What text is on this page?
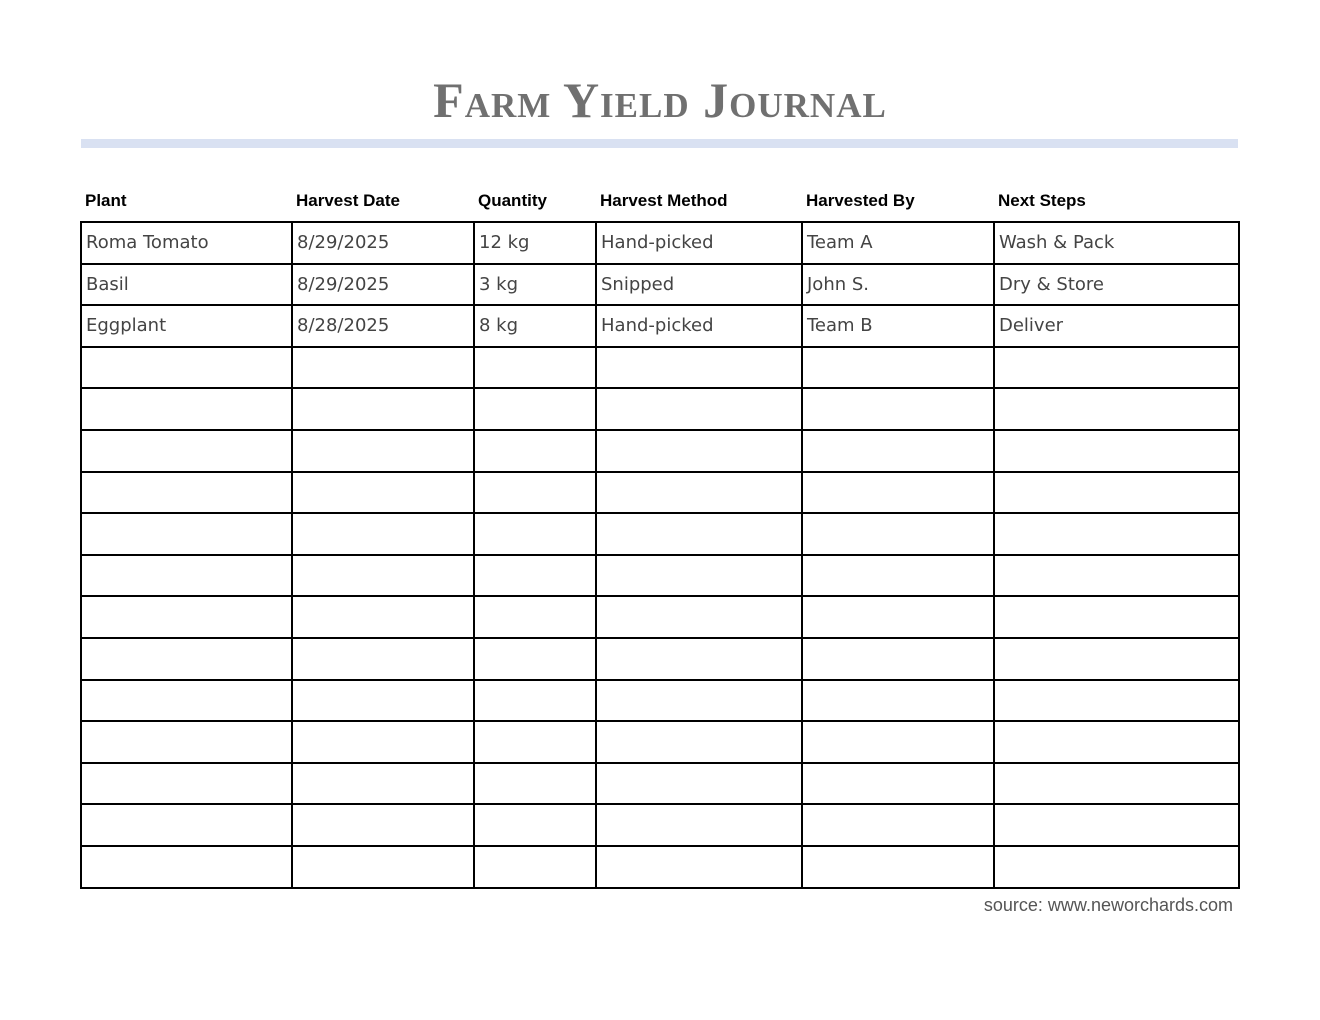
Farm Yield Journal
Plant	Harvest Date	Quantity	Harvest Method	Harvested By	Next Steps
Roma Tomato	8/29/2025	12 kg	Hand-picked	Team A	Wash & Pack
Basil	8/29/2025	3 kg	Snipped	John S.	Dry & Store
Eggplant	8/28/2025	8 kg	Hand-picked	Team B	Deliver

source: www.neworchards.com
